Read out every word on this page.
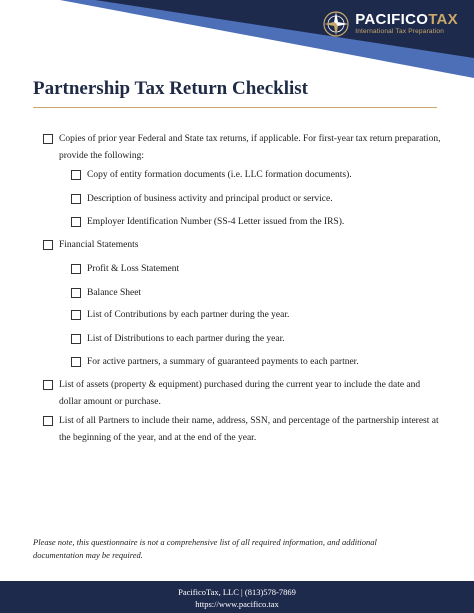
PACIFICOTAX
International Tax Preparation
Partnership Tax Return Checklist
Copies of prior year Federal and State tax returns, if applicable. For first-year tax return preparation, provide the following:
Copy of entity formation documents (i.e. LLC formation documents).
Description of business activity and principal product or service.
Employer Identification Number (SS-4 Letter issued from the IRS).
Financial Statements
Profit & Loss Statement
Balance Sheet
List of Contributions by each partner during the year.
List of Distributions to each partner during the year.
For active partners, a summary of guaranteed payments to each partner.
List of assets (property & equipment) purchased during the current year to include the date and dollar amount or purchase.
List of all Partners to include their name, address, SSN, and percentage of the partnership interest at the beginning of the year, and at the end of the year.

Please note, this questionnaire is not a comprehensive list of all required information, and additional documentation may be required.

PacificoTax, LLC | (813)578-7869
https://www.pacifico.tax
